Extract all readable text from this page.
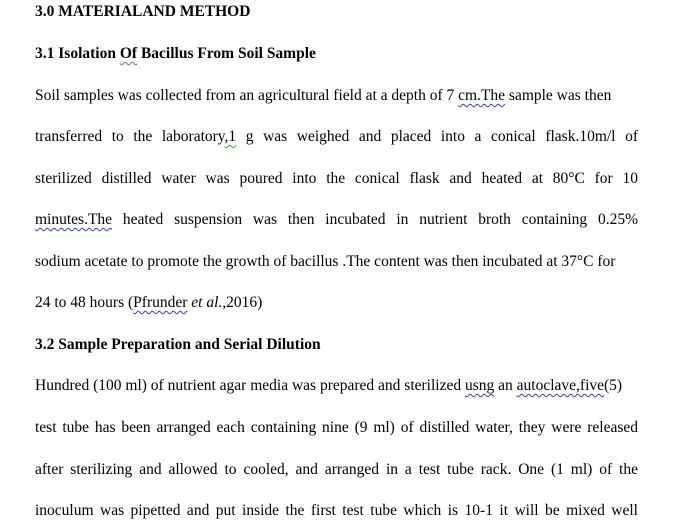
3.0 MATERIALAND METHOD
3.1 Isolation Of Bacillus From Soil Sample
Soil samples was collected from an agricultural field at a depth of 7 cm.The sample was then
transferred to the laboratory,1 g was weighed and placed into a conical flask.10m/l of
sterilized distilled water was poured into the conical flask and heated at 80°C for 10
minutes.The heated suspension was then incubated in nutrient broth containing 0.25%
sodium acetate to promote the growth of bacillus .The content was then incubated at 37°C for
24 to 48 hours (Pfrunder et al.,2016)
3.2 Sample Preparation and Serial Dilution
Hundred (100 ml) of nutrient agar media was prepared and sterilized usng an autoclave,five(5)
test tube has been arranged each containing nine (9 ml) of distilled water, they were released
after sterilizing and allowed to cooled, and arranged in a test tube rack. One (1 ml) of the
inoculum was pipetted and put inside the first test tube which is 10-1 it will be mixed well
